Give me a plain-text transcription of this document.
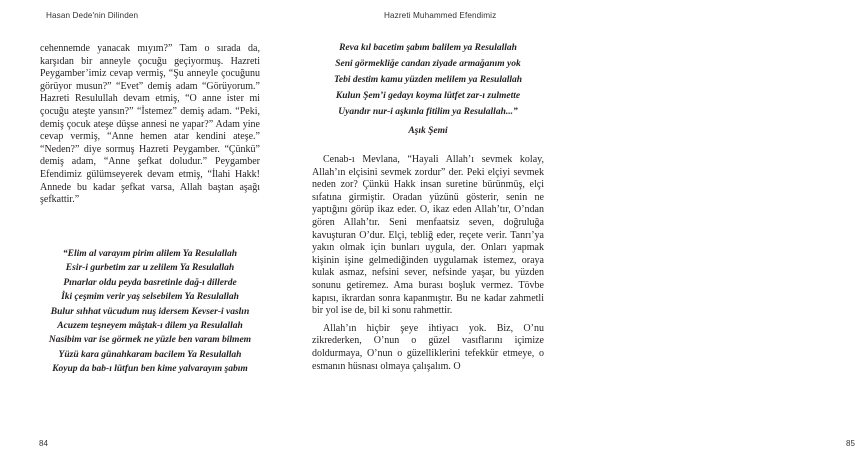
Hasan Dede'nin Dilinden

cehennemde yanacak mıyım?” Tam o sırada da, karşıdan bir anneyle çocuğu geçiyormuş. Hazreti Peygamber’imiz cevap vermiş, “Şu anneyle çocuğunu görüyor musun?” “Evet” demiş adam “Görüyorum.” Hazreti Resulullah devam etmiş, “O anne ister mi çocuğu ateşte yansın?” “İstemez” demiş adam. “Peki, demiş çocuk ateşe düşse annesi ne yapar?” Adam yine cevap vermiş, “Anne hemen atar kendini ateşe.” “Neden?” diye sormuş Hazreti Peygamber. “Çünkü” demiş adam, “Anne şefkat doludur.” Peygamber Efendimiz gülümseyerek devam etmiş, “İlahi Hakk! Annede bu kadar şefkat varsa, Allah baştan aşağı şefkattir.”

“Elim al varayım pirim alilem Ya Resulallah
Esir-i gurbetim zar u zelilem Ya Resulallah
Pınarlar oldu peyda basretinle dağ-ı dillerde
İki çeşmim verir yaş selsebilem Ya Resulallah
Bulur sıhhat vücudum nuş idersem Kevser-i vaslın
Acuzem teşneyem mâştak-ı dilem ya Resulallah
Nasibim var ise görmek ne yüzle ben varam bilmem
Yüzü kara günahkaram bacilem Ya Resulallah
Koyup da bab-ı lütfun ben kime yalvarayım şabım
84
Hazreti Muhammed Efendimiz
85
Reva kıl bacetim şabım balilem ya Resulallah
Seni görmekliğe candan ziyade armağanım yok
Tebi destim kamu yüzden melilem ya Resulallah
Kulun Şem’i gedayı koyma lütfet zar-ı zulmette
Uyandır nur-i aşkınla fitilim ya Resulallah...”
Aşık Şemi

Cenab-ı Mevlana, “Hayali Allah’ı sevmek kolay, Allah’ın elçisini sevmek zordur” der. Peki elçiyi sevmek neden zor? Çünkü Hakk insan suretine bürünmüş, elçi sıfatına girmiştir. Oradan yüzünü gösterir, senin ne yaptığını görüp ikaz eder. O, ikaz eden Allah’tır, O’ndan gören Allah’tır. Seni menfaatsiz seven, doğruluğa kavuşturan O’dur. Elçi, tebliğ eder, reçete verir. Tanrı’ya yakın olmak için bunları uygula, der. Onları yapmak kişinin işine gelmediğinden uygulamak istemez, oraya kulak asmaz, nefsini sever, nefsinde yaşar, bu yüzden sonunu getiremez. Ama burası boşluk vermez. Tövbe kapısı, ikrardan sonra kapanmıştır. Bu ne kadar zahmetli bir yol ise de, bil ki sonu rahmettir.

Allah’ın hiçbir şeye ihtiyacı yok. Biz, O’nu zikrederken, O’nun o güzel vasıflarını içimize doldurmaya, O’nun o güzelliklerini tefekkür etmeye, o esmanın hüsnası olmaya çalışalım. O
